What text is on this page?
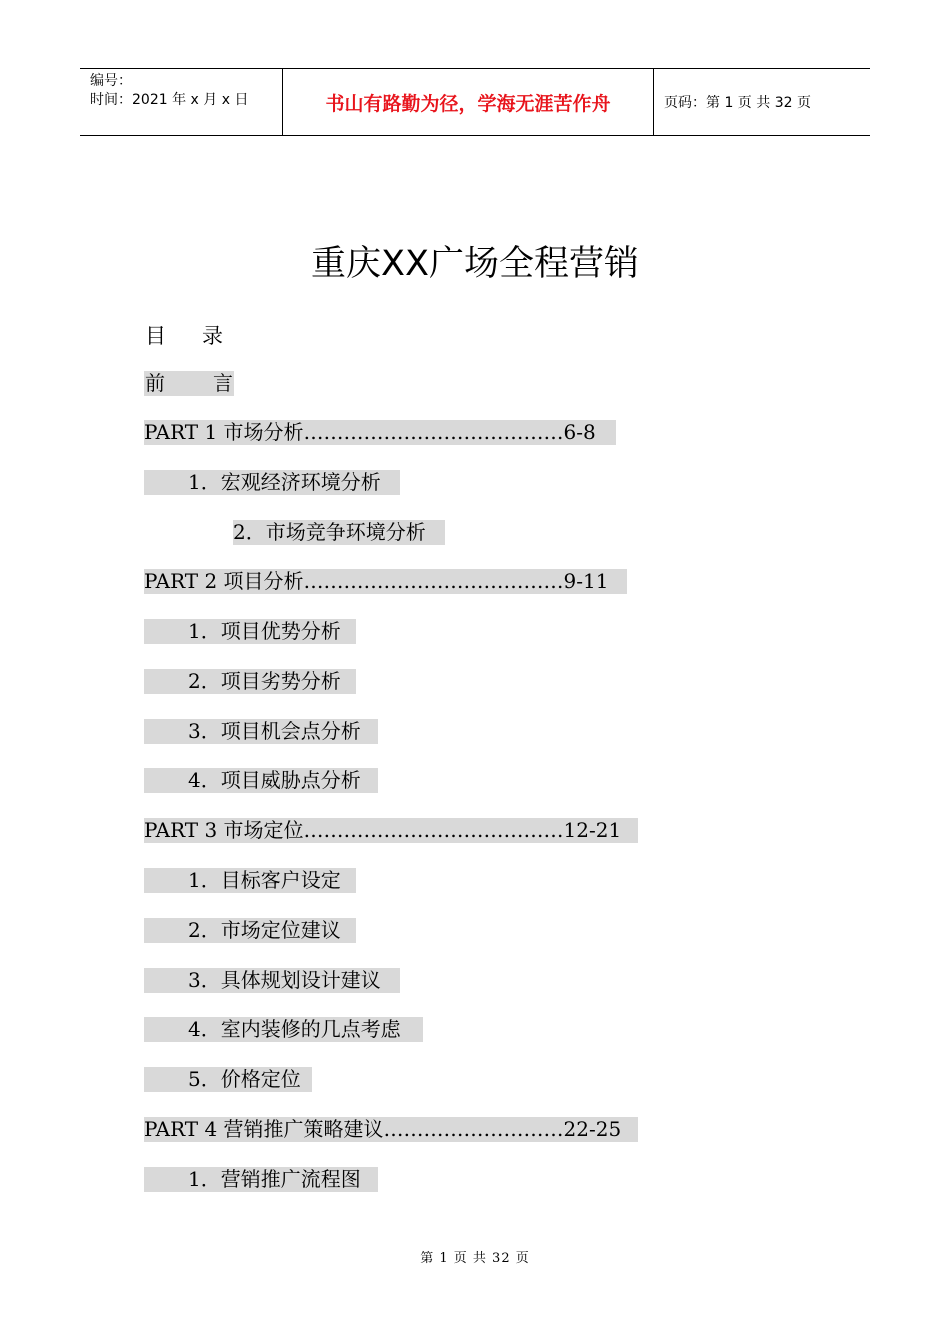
编号：
时间：2021 年 x 月 x 日	书山有路勤为径，学海无涯苦作舟	页码：第 1 页 共 32 页
重庆XX广场全程营销
目 录
前 言
PART 1 市场分析…………………………………6-8
1．宏观经济环境分析
2．市场竞争环境分析
PART 2 项目分析…………………………………9-11
1．项目优势分析
2．项目劣势分析
3．项目机会点分析
4．项目威胁点分析
PART 3 市场定位…………………………………12-21
1．目标客户设定
2．市场定位建议
3．具体规划设计建议
4．室内装修的几点考虑
5．价格定位
PART 4 营销推广策略建议………………………22-25
1．营销推广流程图
第 1 页 共 32 页
